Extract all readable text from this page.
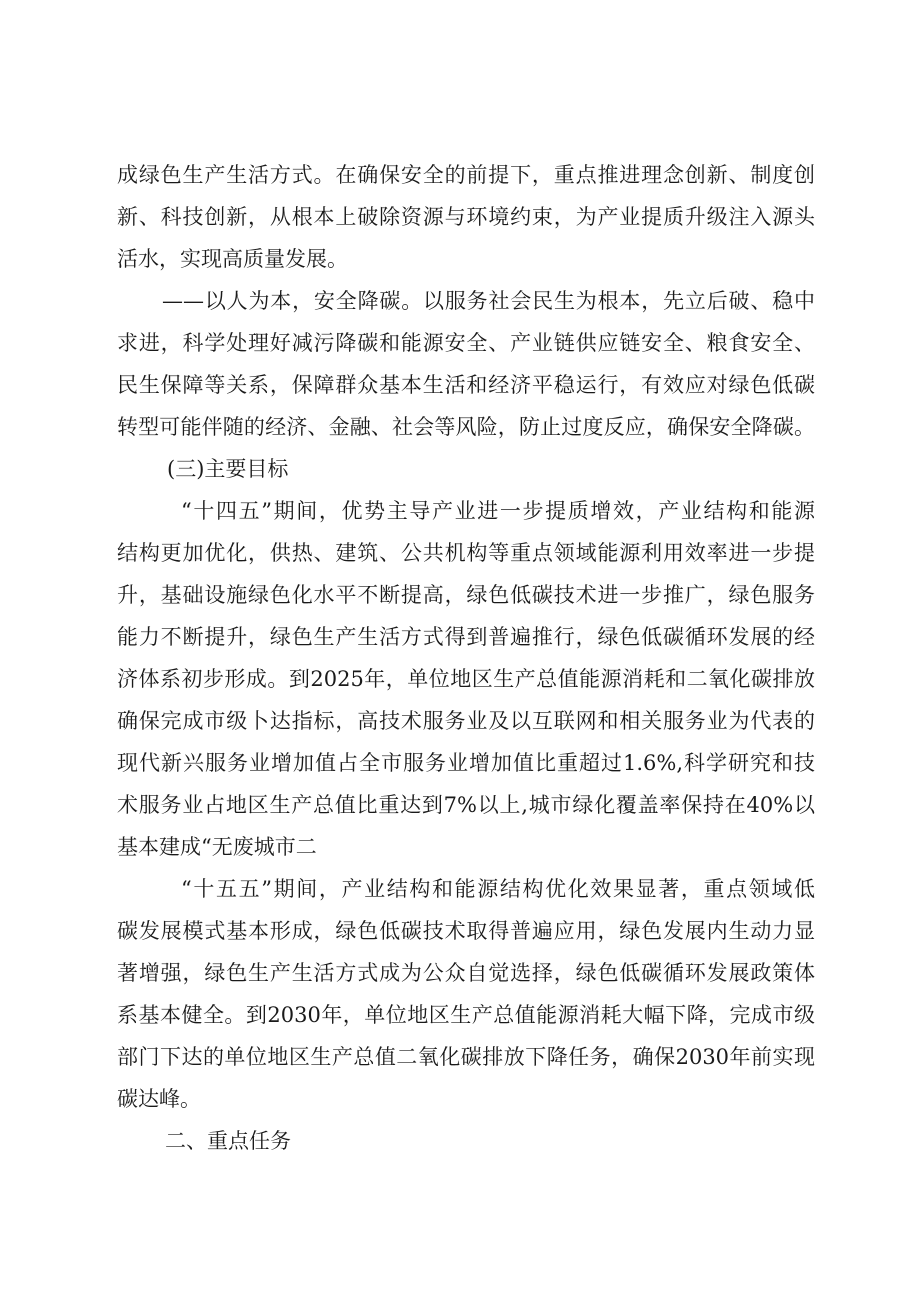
成绿色生产生活方式。在确保安全的前提下，重点推进理念创新、制度创
新、科技创新，从根本上破除资源与环境约束，为产业提质升级注入源头
活水，实现高质量发展。
——以人为本，安全降碳。以服务社会民生为根本，先立后破、稳中
求进，科学处理好减污降碳和能源安全、产业链供应链安全、粮食安全、
民生保障等关系，保障群众基本生活和经济平稳运行，有效应对绿色低碳
转型可能伴随的经济、金融、社会等风险，防止过度反应，确保安全降碳。
(三)主要目标
“十四五”期间，优势主导产业进一步提质增效，产业结构和能源
结构更加优化，供热、建筑、公共机构等重点领域能源利用效率进一步提
升，基础设施绿色化水平不断提高，绿色低碳技术进一步推广，绿色服务
能力不断提升，绿色生产生活方式得到普遍推行，绿色低碳循环发展的经
济体系初步形成。到2025年，单位地区生产总值能源消耗和二氧化碳排放
确保完成市级卜达指标，高技术服务业及以互联网和相关服务业为代表的
现代新兴服务业增加值占全市服务业增加值比重超过1.6%,科学研究和技
术服务业占地区生产总值比重达到7%以上,城市绿化覆盖率保持在40%以
基本建成“无废城市二
“十五五”期间，产业结构和能源结构优化效果显著，重点领域低
碳发展模式基本形成，绿色低碳技术取得普遍应用，绿色发展内生动力显
著增强，绿色生产生活方式成为公众自觉选择，绿色低碳循环发展政策体
系基本健全。到2030年，单位地区生产总值能源消耗大幅下降，完成市级
部门下达的单位地区生产总值二氧化碳排放下降任务，确保2030年前实现
碳达峰。
二、重点任务
